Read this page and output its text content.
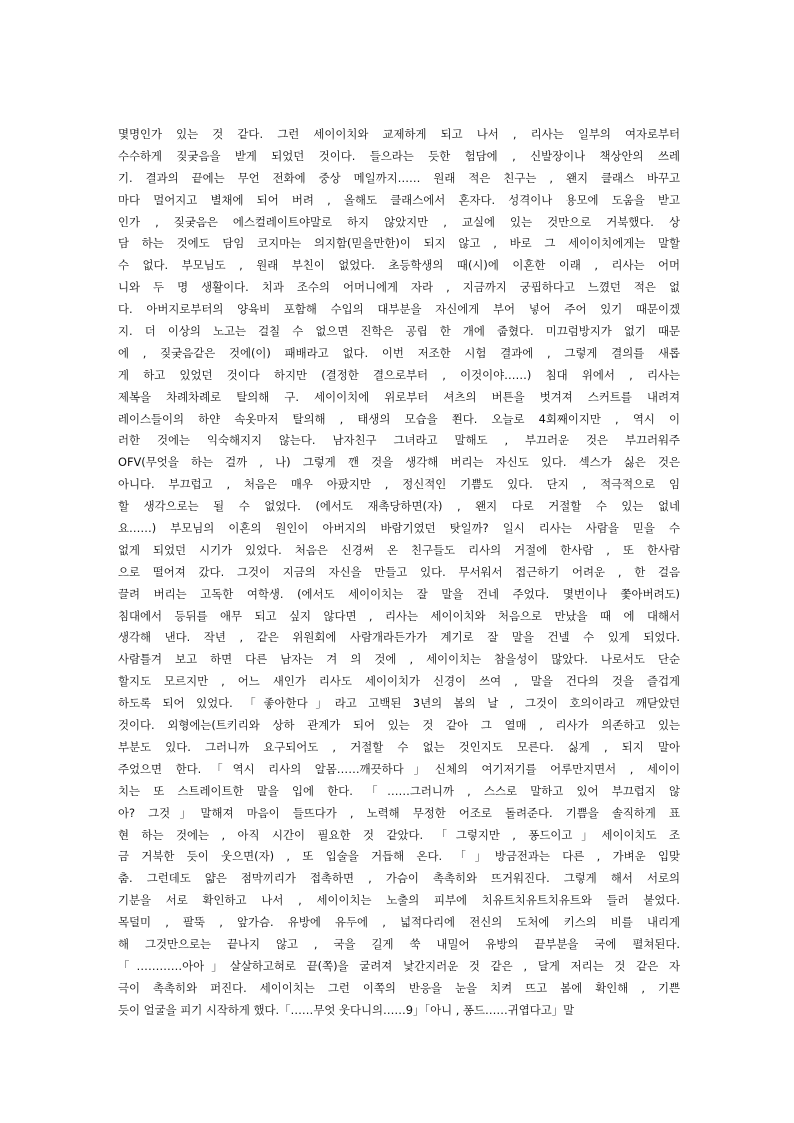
몇명인가 있는 것 같다. 그런 세이이치와 교제하게 되고 나서 , 리사는 일부의 여자로부터
수수하게 짖궂음을 받게 되었던 것이다. 들으라는 듯한 험담에 , 신발장이나 책상안의 쓰레
기. 결과의 끝에는 무언 전화에 중상 메일까지…… 원래 적은 친구는 , 왠지 클래스 바꾸고
마다 멀어지고 별채에 되어 버려 , 올해도 클래스에서 혼자다. 성격이나 용모에 도움을 받고
인가 , 짖궂음은 에스컬레이트야말로 하지 않았지만 , 교실에 있는 것만으로 거북했다. 상
담 하는 것에도 담임 코지마는 의지함(믿을만한)이 되지 않고 , 바로 그 세이이치에게는 말할
수 없다. 부모님도 , 원래 부친이 없었다. 초등학생의 때(시)에 이혼한 이래 , 리사는 어머
니와 두 명 생활이다. 치과 조수의 어머니에게 자라 , 지금까지 궁핍하다고 느꼈던 적은 없
다. 아버지로부터의 양육비 포함해 수입의 대부분을 자신에게 부어 넣어 주어 있기 때문이겠
지. 더 이상의 노고는 걸칠 수 없으면 진학은 공립 한 개에 줍혔다. 미끄럼방지가 없기 때문
에 , 짖궂음같은 것에(이) 패배라고 없다. 이번 저조한 시험 결과에 , 그렇게 결의를 새롭
게 하고 있었던 것이다 하지만 (결정한 결으로부터 , 이것이야……) 침대 위에서 , 리사는
제복을 차례차례로 탈의해 구. 세이이치에 위로부터 셔츠의 버튼을 벗겨져 스커트를 내려져
레이스들이의 하얀 속옷마저 탈의해 , 태생의 모습을 쬔다. 오늘로 4회째이지만 , 역시 이
러한 것에는 익숙해지지 않는다. 남자친구 그녀라고 말해도 , 부끄러운 것은 부끄러워주
OFV(무엇을 하는 걸까 , 나) 그렇게 깬 것을 생각해 버리는 자신도 있다. 섹스가 싫은 것은
아니다. 부끄럽고 , 처음은 매우 아팠지만 , 정신적인 기쁨도 있다. 단지 , 적극적으로 임
할 생각으로는 될 수 없었다. (에서도 재촉당하면(자) , 왠지 다로 거절할 수 있는 없네
요……) 부모님의 이혼의 원인이 아버지의 바람기였던 탓일까? 일시 리사는 사람을 믿을 수
없게 되었던 시기가 있었다. 처음은 신경써 온 친구들도 리사의 거절에 한사람 , 또 한사람
으로 떨어져 갔다. 그것이 지금의 자신을 만들고 있다. 무서워서 접근하기 어려운 , 한 걸음
끌려 버리는 고독한 여학생. (에서도 세이이치는 잘 말을 건네 주었다. 몇번이나 쫓아버려도)
침대에서 등뒤를 애무 되고 싶지 않다면 , 리사는 세이이치와 처음으로 만났을 때 에 대해서
생각해 낸다. 작년 , 같은 위원회에 사람개라든가가 계기로 잘 말을 건넬 수 있게 되었다.
사람틀겨 보고 하면 다른 남자는 겨 의 것에 , 세이이치는 참을성이 많았다. 나로서도 단순
할지도 모르지만 , 어느 새인가 리사도 세이이치가 신경이 쓰여 , 말을 건다의 것을 즐겁게
하도록 되어 있었다. 「좋아한다」라고 고백된 3년의 봄의 날 , 그것이 호의이라고 깨닫았던
것이다. 외형에는(트키리와 상하 관계가 되어 있는 것 같아 그 열매 , 리사가 의존하고 있는
부분도 있다. 그러니까 요구되어도 , 거절할 수 없는 것인지도 모른다. 싫게 , 되지 말아
주었으면 한다.「역시 리사의 알몸……깨끗하다」신체의 여기저기를 어루만지면서 , 세이이
치는 또 스트레이트한 말을 입에 한다. 「……그러니까 , 스스로 말하고 있어 부끄럽지 않
아? 그것」말해져 마음이 들뜨다가 , 노력해 무정한 어조로 돌려준다. 기쁨을 솔직하게 표
현 하는 것에는 , 아직 시간이 필요한 것 같았다. 「그렇지만 , 퐁드이고」세이이치도 조
금 거북한 듯이 웃으면(자) , 또 입술을 거듭해 온다. 「」방금전과는 다른 , 가벼운 입맞
춤. 그런데도 얇은 점막끼리가 접촉하면 , 가슴이 촉촉히와 뜨거워진다. 그렇게 해서 서로의
기분을 서로 확인하고 나서 , 세이이치는 노출의 피부에 치유트치유트치유트와 들러 붙었다.
목덜미 , 팔뚝 , 앞가슴. 유방에 유두에 , 넓적다리에 전신의 도처에 키스의 비를 내리게
해 그것만으로는 끝나지 않고 , 국을 길게 쑥 내밀어 유방의 끝부분을 국에 펼쳐된다.
「…………아아」살살하고혀로 끝(쪽)을 굴려져 낯간지러운 것 같은 , 달게 저리는 것 같은 자
극이 촉촉히와 퍼진다. 세이이치는 그런 이쪽의 반응을 눈을 치켜 뜨고 봄에 확인해 , 기쁜
듯이 얼굴을 피기 시작하게 했다.「……무엇 웃다니의……9」「아니 , 퐁드……귀엽다고」말
